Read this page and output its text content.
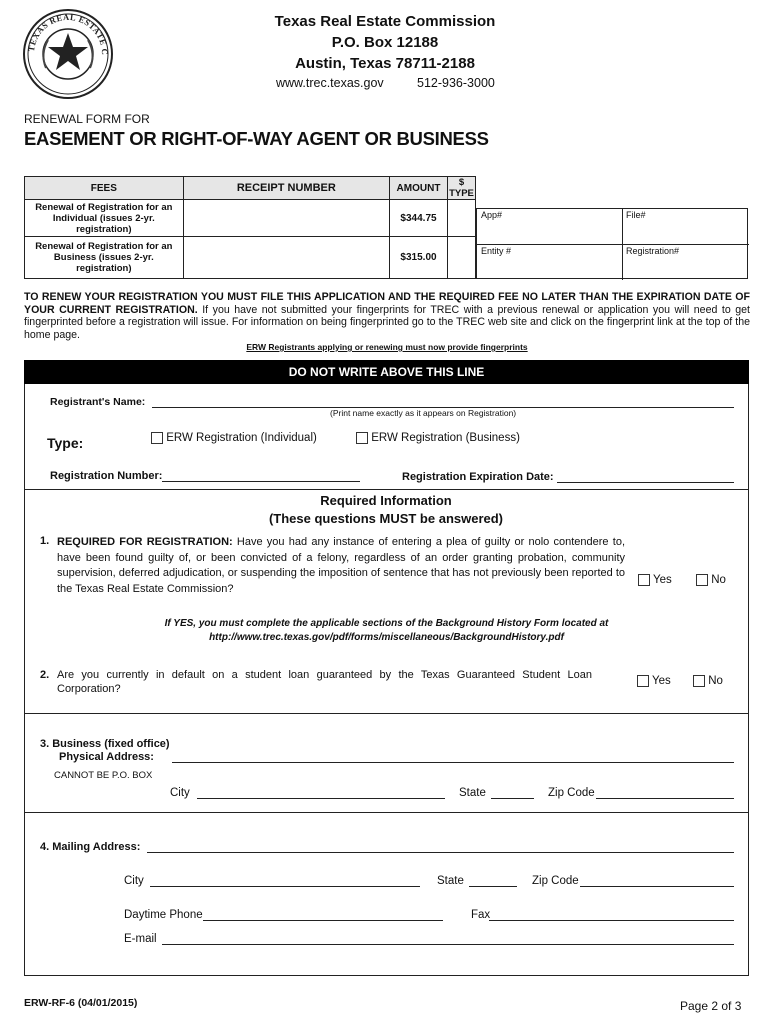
TEXAS REAL ESTATE C
Texas Real Estate Commission
P.O. Box 12188
Austin, Texas 78711-2188
www.trec.texas.gov	512-936-3000
RENEWAL FORM FOR
EASEMENT OR RIGHT-OF-WAY AGENT OR BUSINESS
FEES	RECEIPT NUMBER	AMOUNT	$ TYPE
Renewal of Registration for an Individual (issues 2-yr. registration)		$344.75	
Renewal of Registration for an Business (issues 2-yr. registration)		$315.00	
App#	File#
Entity #	Registration#
TO RENEW YOUR REGISTRATION YOU MUST FILE THIS APPLICATION AND THE REQUIRED FEE NO LATER THAN THE EXPIRATION DATE OF YOUR CURRENT REGISTRATION. If you have not submitted your fingerprints for TREC with a previous renewal or application you will need to get fingerprinted before a registration will issue. For information on being fingerprinted go to the TREC web site and click on the fingerprint link at the top of the home page.
ERW Registrants applying or renewing must now provide fingerprints
DO NOT WRITE ABOVE THIS LINE
Registrant's Name:
(Print name exactly as it appears on Registration)
Type:	ERW Registration (Individual)	ERW Registration (Business)
Registration Number:	Registration Expiration Date:
Required Information
(These questions MUST be answered)
1. REQUIRED FOR REGISTRATION: Have you had any instance of entering a plea of guilty or nolo contendere to, have been found guilty of, or been convicted of a felony, regardless of an order granting probation, community supervision, deferred adjudication, or suspending the imposition of sentence that has not previously been reported to the Texas Real Estate Commission?
Yes	No
If YES, you must complete the applicable sections of the Background History Form located at
http://www.trec.texas.gov/pdf/forms/miscellaneous/BackgroundHistory.pdf
2. Are you currently in default on a student loan guaranteed by the Texas Guaranteed Student Loan Corporation?
Yes	No
3. Business (fixed office)
Physical Address:
CANNOT BE P.O. BOX
City	State	Zip Code
4. Mailing Address:
City	State	Zip Code
Daytime Phone	Fax
E-mail
ERW-RF-6 (04/01/2015)	Page 2 of 3
